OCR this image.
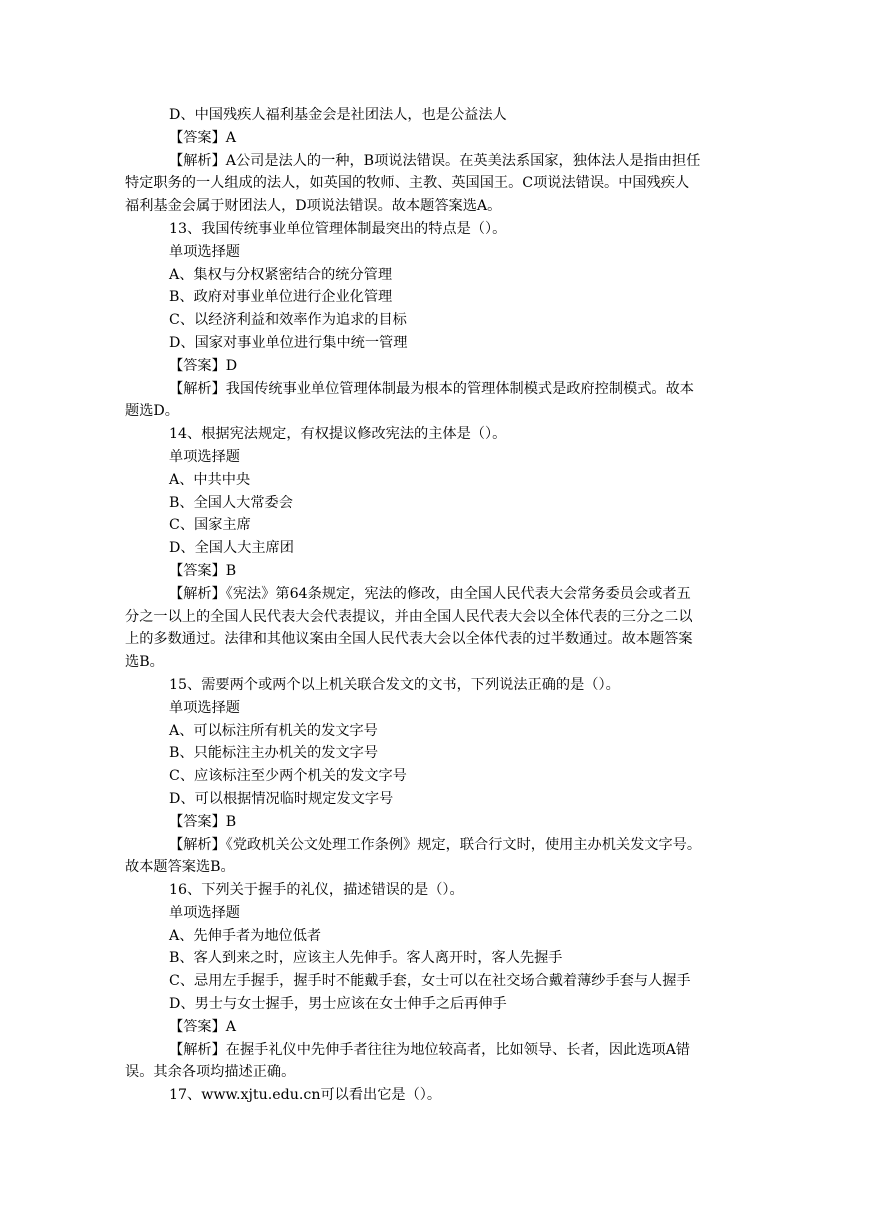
D、中国残疾人福利基金会是社团法人，也是公益法人

【答案】A

【解析】A公司是法人的一种，B项说法错误。在英美法系国家，独体法人是指由担任

特定职务的一人组成的法人，如英国的牧师、主教、英国国王。C项说法错误。中国残疾人

福利基金会属于财团法人，D项说法错误。故本题答案选A。

13、我国传统事业单位管理体制最突出的特点是（）。

单项选择题

A、集权与分权紧密结合的统分管理

B、政府对事业单位进行企业化管理

C、以经济利益和效率作为追求的目标

D、国家对事业单位进行集中统一管理

【答案】D

【解析】我国传统事业单位管理体制最为根本的管理体制模式是政府控制模式。故本

题选D。

14、根据宪法规定，有权提议修改宪法的主体是（）。

单项选择题

A、中共中央

B、全国人大常委会

C、国家主席

D、全国人大主席团

【答案】B

【解析】《宪法》第64条规定，宪法的修改，由全国人民代表大会常务委员会或者五

分之一以上的全国人民代表大会代表提议，并由全国人民代表大会以全体代表的三分之二以

上的多数通过。法律和其他议案由全国人民代表大会以全体代表的过半数通过。故本题答案

选B。

15、需要两个或两个以上机关联合发文的文书，下列说法正确的是（）。

单项选择题

A、可以标注所有机关的发文字号

B、只能标注主办机关的发文字号

C、应该标注至少两个机关的发文字号

D、可以根据情况临时规定发文字号

【答案】B

【解析】《党政机关公文处理工作条例》规定，联合行文时，使用主办机关发文字号。

故本题答案选B。

16、下列关于握手的礼仪，描述错误的是（）。

单项选择题

A、先伸手者为地位低者

B、客人到来之时，应该主人先伸手。客人离开时，客人先握手

C、忌用左手握手，握手时不能戴手套，女士可以在社交场合戴着薄纱手套与人握手

D、男士与女士握手，男士应该在女士伸手之后再伸手

【答案】A

【解析】在握手礼仪中先伸手者往往为地位较高者，比如领导、长者，因此选项A错

误。其余各项均描述正确。

17、www.xjtu.edu.cn可以看出它是（）。
